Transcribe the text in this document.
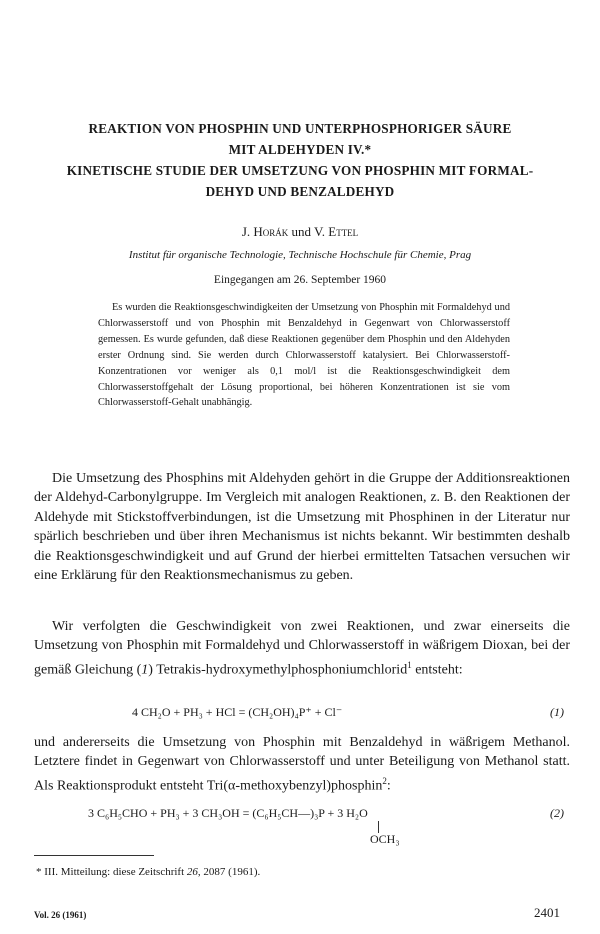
REAKTION VON PHOSPHIN UND UNTERPHOSPHORIGER SÄURE
MIT ALDEHYDEN IV.*
KINETISCHE STUDIE DER UMSETZUNG VON PHOSPHIN MIT FORMAL-
DEHYD UND BENZALDEHYD
J. Horák und V. Ettel
Institut für organische Technologie, Technische Hochschule für Chemie, Prag
Eingegangen am 26. September 1960

Es wurden die Reaktionsgeschwindigkeiten der Umsetzung von Phosphin mit Formaldehyd und Chlorwasserstoff und von Phosphin mit Benzaldehyd in Gegenwart von Chlorwasserstoff gemessen. Es wurde gefunden, daß diese Reaktionen gegenüber dem Phosphin und den Aldehyden erster Ordnung sind. Sie werden durch Chlorwasserstoff katalysiert. Bei Chlorwasserstoff-Konzentrationen vor weniger als 0,1 mol/l ist die Reaktionsgeschwindigkeit dem Chlorwasserstoffgehalt der Lösung proportional, bei höheren Konzentrationen ist sie vom Chlorwasserstoff-Gehalt unabhängig.

Die Umsetzung des Phosphins mit Aldehyden gehört in die Gruppe der Additionsreaktionen der Aldehyd-Carbonylgruppe. Im Vergleich mit analogen Reaktionen, z. B. den Reaktionen der Aldehyde mit Stickstoffverbindungen, ist die Umsetzung mit Phosphinen in der Literatur nur spärlich beschrieben und über ihren Mechanismus ist nichts bekannt. Wir bestimmten deshalb die Reaktionsgeschwindigkeit und auf Grund der hierbei ermittelten Tatsachen versuchen wir eine Erklärung für den Reaktionsmechanismus zu geben.

Wir verfolgten die Geschwindigkeit von zwei Reaktionen, und zwar einerseits die Umsetzung von Phosphin mit Formaldehyd und Chlorwasserstoff in wäßrigem Dioxan, bei der gemäß Gleichung (1) Tetrakis-hydroxymethylphosphoniumchlorid$^1$ entsteht:

4 CH₂O + PH₃ + HCl = (CH₂OH)₄P⁺ + Cl⁻	(1)

und andererseits die Umsetzung von Phosphin mit Benzaldehyd in wäßrigem Methanol. Letztere findet in Gegenwart von Chlorwasserstoff und unter Beteiligung von Methanol statt. Als Reaktionsprodukt entsteht Tri(α-methoxybenzyl)phosphin$^2$:

3 C₆H₅CHO + PH₃ + 3 CH₃OH = (C₆H₅CH—)₃P + 3 H₂O
OCH₃
(2)
* III. Mitteilung: diese Zeitschrift 26, 2087 (1961).
Vol. 26 (1961)	2401
